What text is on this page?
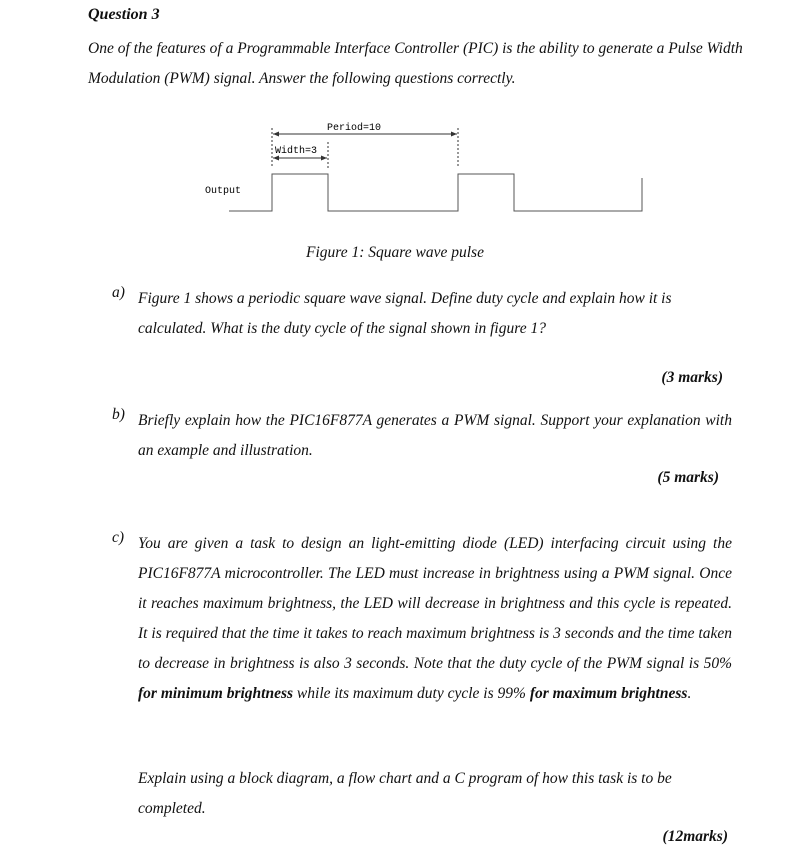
Question 3
One of the features of a Programmable Interface Controller (PIC) is the ability to generate a Pulse Width Modulation (PWM) signal. Answer the following questions correctly.
Period=10
Width=3
Output
Figure 1: Square wave pulse
a) Figure 1 shows a periodic square wave signal. Define duty cycle and explain how it is calculated. What is the duty cycle of the signal shown in figure 1?
(3 marks)
b) Briefly explain how the PIC16F877A generates a PWM signal. Support your explanation with an example and illustration.
(5 marks)
c) You are given a task to design an light-emitting diode (LED) interfacing circuit using the PIC16F877A microcontroller. The LED must increase in brightness using a PWM signal. Once it reaches maximum brightness, the LED will decrease in brightness and this cycle is repeated. It is required that the time it takes to reach maximum brightness is 3 seconds and the time taken to decrease in brightness is also 3 seconds. Note that the duty cycle of the PWM signal is 50% for minimum brightness while its maximum duty cycle is 99% for maximum brightness.
Explain using a block diagram, a flow chart and a C program of how this task is to be completed.
(12marks)
